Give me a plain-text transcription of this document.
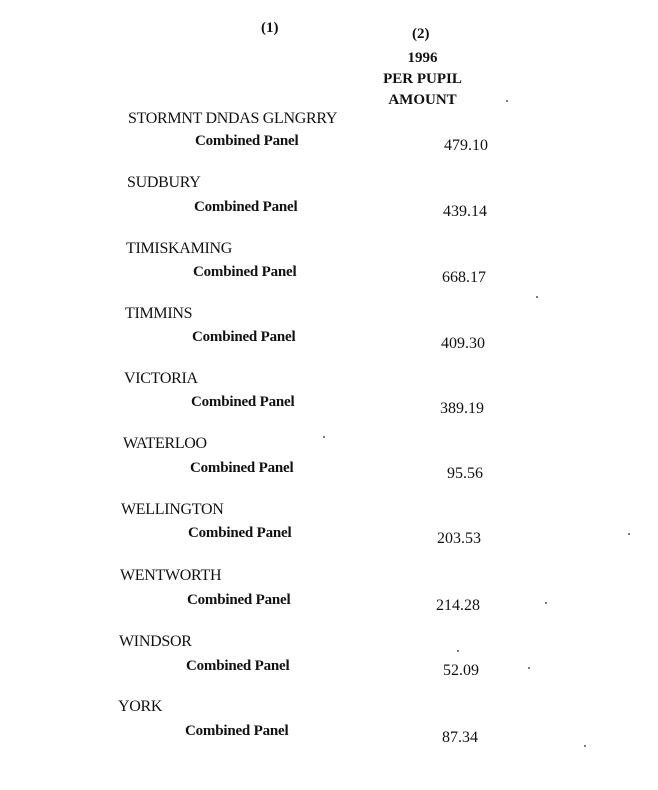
(1)	(2)
1996
PER PUPIL
AMOUNT
STORMNT DNDAS GLNGRRY
Combined Panel	479.10
SUDBURY
Combined Panel	439.14
TIMISKAMING
Combined Panel	668.17
TIMMINS
Combined Panel	409.30
VICTORIA
Combined Panel	389.19
WATERLOO
Combined Panel	95.56
WELLINGTON
Combined Panel	203.53
WENTWORTH
Combined Panel	214.28
WINDSOR
Combined Panel	52.09
YORK
Combined Panel	87.34
